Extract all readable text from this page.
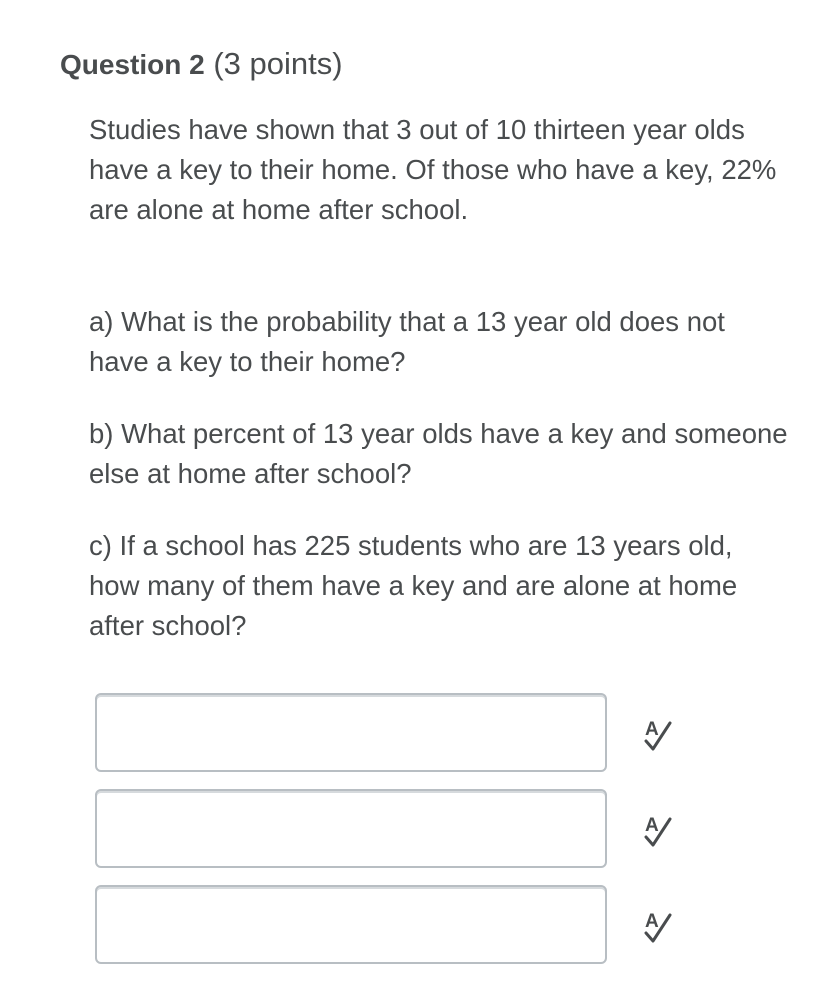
Question 2 (3 points)
Studies have shown that 3 out of 10 thirteen year olds have a key to their home. Of those who have a key, 22% are alone at home after school.
a) What is the probability that a 13 year old does not have a key to their home?
b) What percent of 13 year olds have a key and someone else at home after school?
c) If a school has 225 students who are 13 years old, how many of them have a key and are alone at home after school?
A
A
A
